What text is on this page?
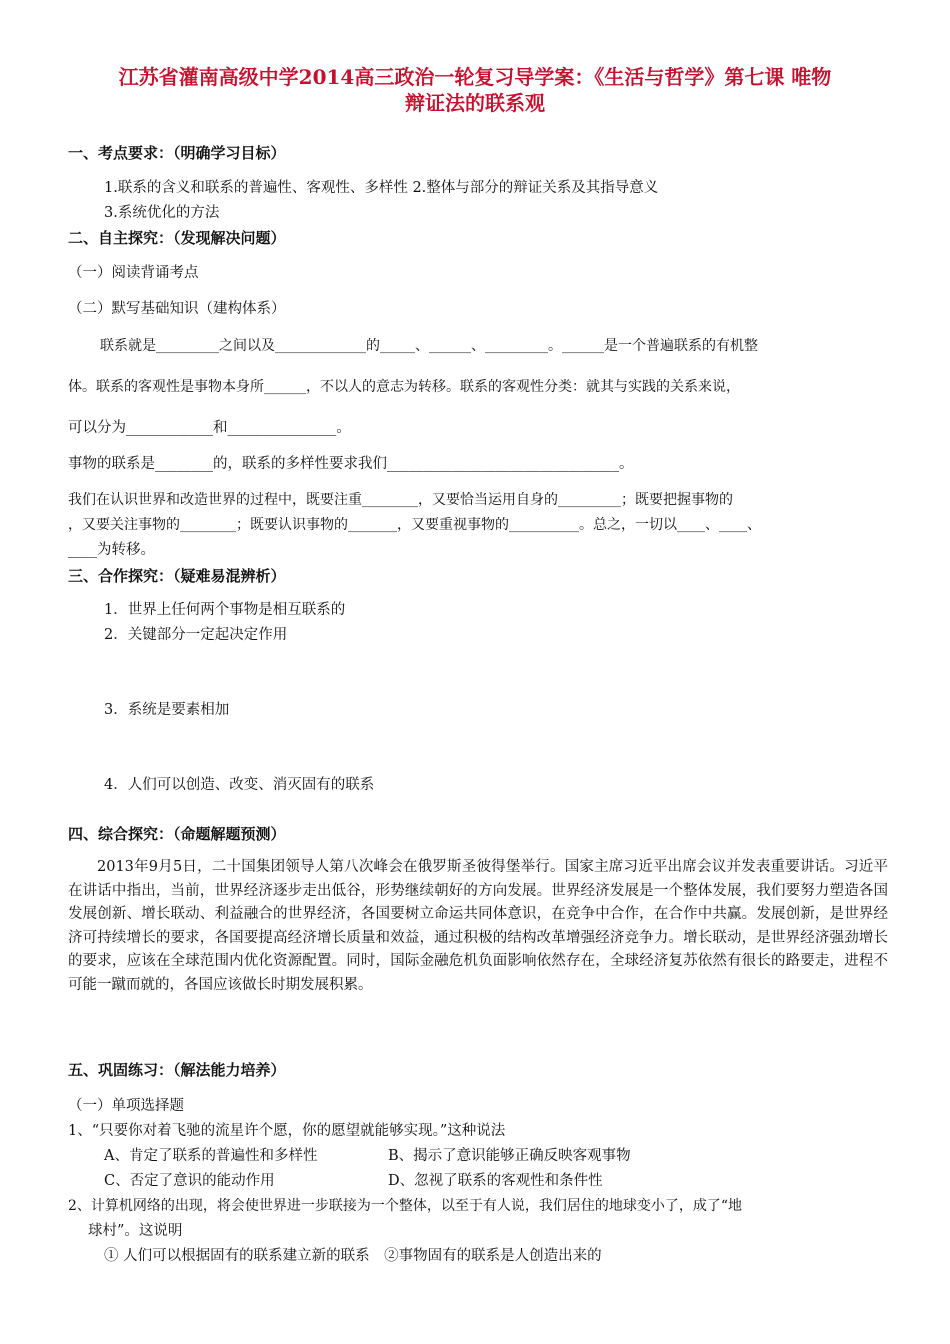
江苏省灌南高级中学2014高三政治一轮复习导学案：《生活与哲学》第七课 唯物
辩证法的联系观
一、考点要求：（明确学习目标）
1.联系的含义和联系的普遍性、客观性、多样性 2.整体与部分的辩证关系及其指导意义
3.系统优化的方法
二、自主探究：（发现解决问题）
（一）阅读背诵考点
（二）默写基础知识（建构体系）
联系就是_________之间以及_____________的_____、______、_________。______是一个普遍联系的有机整
体。联系的客观性是事物本身所______，不以人的意志为转移。联系的客观性分类：就其与实践的关系来说，
可以分为____________和_______________。
事物的联系是________的，联系的多样性要求我们________________________________。
我们在认识世界和改造世界的过程中，既要注重________，又要恰当运用自身的_________；既要把握事物的
，又要关注事物的________；既要认识事物的_______，又要重视事物的__________。总之，一切以____、____、
____为转移。
三、合作探究：（疑难易混辨析）
1．世界上任何两个事物是相互联系的
2．关键部分一定起决定作用
3．系统是要素相加
4．人们可以创造、改变、消灭固有的联系
四、综合探究：（命题解题预测）
2013年9月5日，二十国集团领导人第八次峰会在俄罗斯圣彼得堡举行。国家主席习近平出席会议并发表重要讲话。习近平在讲话中指出，当前，世界经济逐步走出低谷，形势继续朝好的方向发展。世界经济发展是一个整体发展，我们要努力塑造各国发展创新、增长联动、利益融合的世界经济，各国要树立命运共同体意识，在竞争中合作，在合作中共赢。发展创新，是世界经济可持续增长的要求，各国要提高经济增长质量和效益，通过积极的结构改革增强经济竞争力。增长联动，是世界经济强劲增长的要求，应该在全球范围内优化资源配置。同时，国际金融危机负面影响依然存在，全球经济复苏依然有很长的路要走，进程不可能一蹴而就的，各国应该做长时期发展积累。
五、巩固练习：（解法能力培养）
（一）单项选择题
1、“只要你对着飞驰的流星许个愿，你的愿望就能够实现。”这种说法
A、肯定了联系的普遍性和多样性	B、揭示了意识能够正确反映客观事物
C、否定了意识的能动作用	D、忽视了联系的客观性和条件性
2、计算机网络的出现，将会使世界进一步联接为一个整体，以至于有人说，我们居住的地球变小了，成了“地
球村”。这说明
① 人们可以根据固有的联系建立新的联系　②事物固有的联系是人创造出来的
